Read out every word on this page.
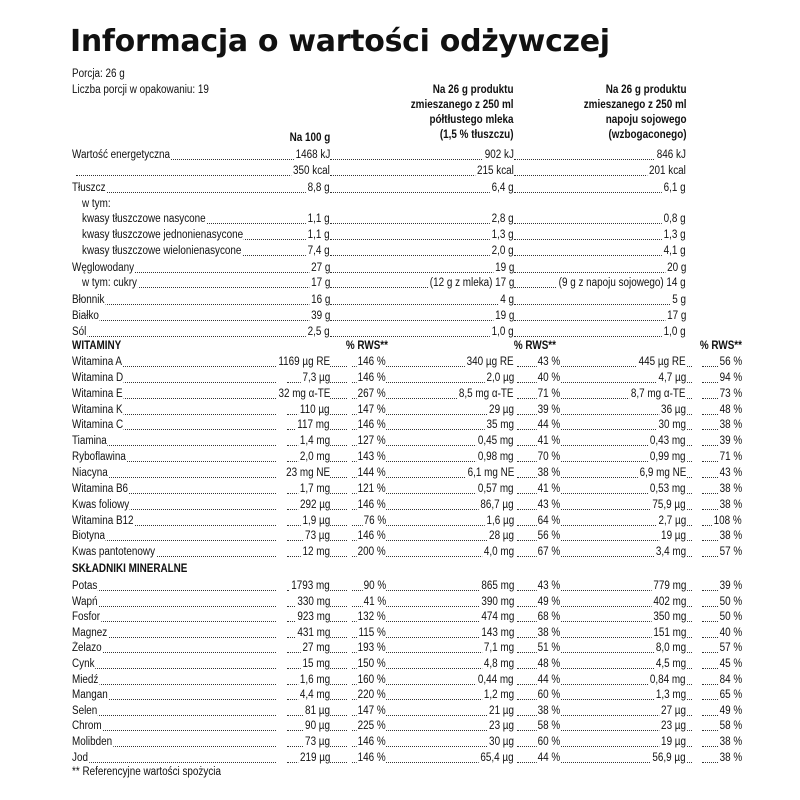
Informacja o wartości odżywczej
Porcja: 26 g
Liczba porcji w opakowaniu: 19
Na 100 g
Na 26 g produktu
zmieszanego z 250 ml
półtłustego mleka
(1,5 % tłuszczu)
Na 26 g produktu
zmieszanego z 250 ml
napoju sojowego
(wzbogaconego)
Wartość energetyczna	1468 kJ	902 kJ	846 kJ
350 kcal	215 kcal	201 kcal
Tłuszcz	8,8 g	6,4 g	6,1 g
w tym:
kwasy tłuszczowe nasycone	1,1 g	2,8 g	0,8 g
kwasy tłuszczowe jednonienasycone	1,1 g	1,3 g	1,3 g
kwasy tłuszczowe wielonienasycone	7,4 g	2,0 g	4,1 g
Węglowodany	27 g	19 g	20 g
w tym: cukry	17 g	(12 g z mleka) 17 g	(9 g z napoju sojowego) 14 g
Błonnik	16 g	4 g	5 g
Białko	39 g	19 g	17 g
Sól	2,5 g	1,0 g	1,0 g
WITAMINY	% RWS**	% RWS**	% RWS**
Witamina A	1169 µg RE 146 %	340 µg RE 43 %	445 µg RE	56 %
Witamina D	7,3 µg 146 %	2,0 µg 40 %	4,7 µg	94 %
Witamina E	32 mg α-TE 267 %	8,5 mg α-TE 71 %	8,7 mg α-TE	73 %
Witamina K	110 µg 147 %	29 µg 39 %	36 µg	48 %
Witamina C	117 mg 146 %	35 mg 44 %	30 mg	38 %
Tiamina	1,4 mg 127 %	0,45 mg 41 %	0,43 mg	39 %
Ryboflawina	2,0 mg 143 %	0,98 mg 70 %	0,99 mg	71 %
Niacyna	23 mg NE 144 %	6,1 mg NE 38 %	6,9 mg NE	43 %
Witamina B6	1,7 mg 121 %	0,57 mg 41 %	0,53 mg	38 %
Kwas foliowy	292 µg 146 %	86,7 µg 43 %	75,9 µg	38 %
Witamina B12	1,9 µg	76 %	1,6 µg 64 %	2,7 µg 108 %
Biotyna	73 µg 146 %	28 µg 56 %	19 µg	38 %
Kwas pantotenowy	12 mg 200 %	4,0 mg 67 %	3,4 mg	57 %
SKŁADNIKI MINERALNE
Potas	1793 mg	90 %	865 mg 43 %	779 mg	39 %
Wapń	330 mg	41 %	390 mg 49 %	402 mg	50 %
Fosfor	923 mg 132 %	474 mg 68 %	350 mg	50 %
Magnez	431 mg 115 %	143 mg 38 %	151 mg	40 %
Żelazo	27 mg 193 %	7,1 mg 51 %	8,0 mg	57 %
Cynk	15 mg 150 %	4,8 mg 48 %	4,5 mg	45 %
Miedź	1,6 mg 160 %	0,44 mg 44 %	0,84 mg	84 %
Mangan	4,4 mg 220 %	1,2 mg 60 %	1,3 mg	65 %
Selen	81 µg 147 %	21 µg 38 %	27 µg	49 %
Chrom	90 µg 225 %	23 µg 58 %	23 µg	58 %
Molibden	73 µg 146 %	30 µg 60 %	19 µg	38 %
Jod	219 µg 146 %	65,4 µg 44 %	56,9 µg	38 %
** Referencyjne wartości spożycia
